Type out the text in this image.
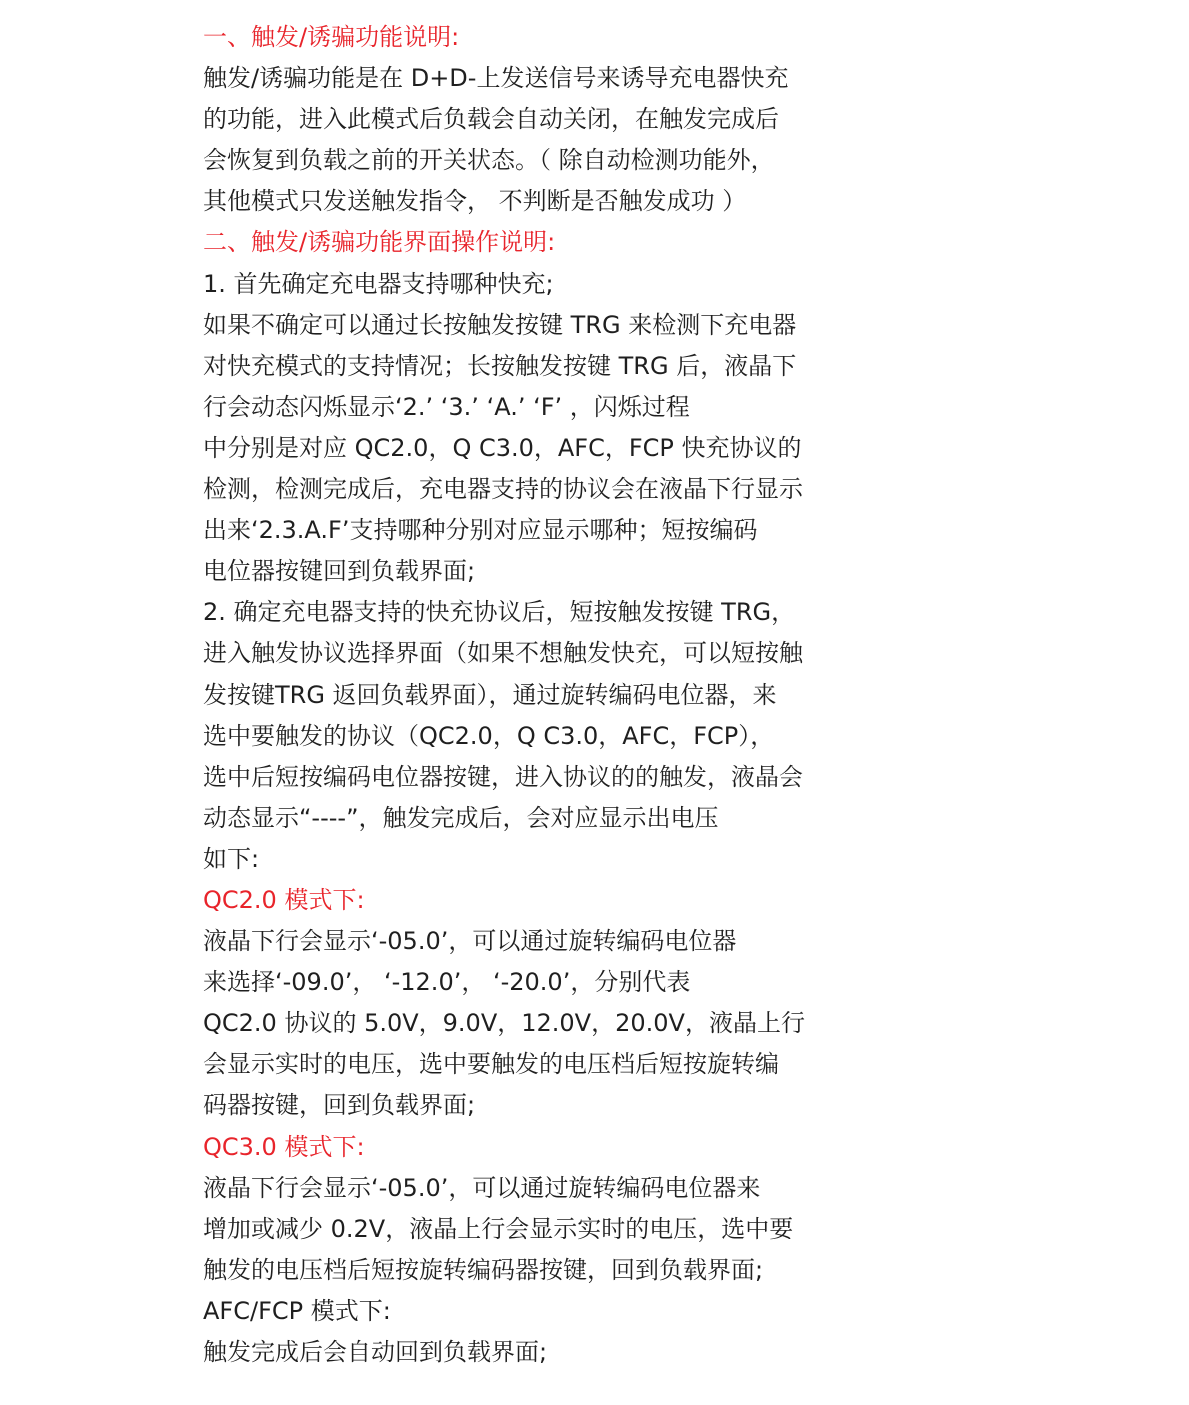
一、触发/诱骗功能说明:
触发/诱骗功能是在 D+D-上发送信号来诱导充电器快充
的功能，进入此模式后负载会自动关闭，在触发完成后
会恢复到负载之前的开关状态。（ 除自动检测功能外，
其他模式只发送触发指令， 不判断是否触发成功 ）
二、触发/诱骗功能界面操作说明:
1. 首先确定充电器支持哪种快充;
如果不确定可以通过长按触发按键 TRG 来检测下充电器
对快充模式的支持情况；长按触发按键 TRG 后，液晶下
行会动态闪烁显示‘2.’ ‘3.’ ‘A.’ ‘F’ ，闪烁过程
中分别是对应 QC2.0，Q C3.0，AFC，FCP 快充协议的
检测，检测完成后，充电器支持的协议会在液晶下行显示
出来‘2.3.A.F’支持哪种分别对应显示哪种；短按编码
电位器按键回到负载界面;
2. 确定充电器支持的快充协议后，短按触发按键 TRG，
进入触发协议选择界面（如果不想触发快充，可以短按触
发按键TRG 返回负载界面），通过旋转编码电位器，来
选中要触发的协议（QC2.0，Q C3.0，AFC，FCP），
选中后短按编码电位器按键，进入协议的的触发，液晶会
动态显示“----”，触发完成后，会对应显示出电压
如下:
QC2.0 模式下:
液晶下行会显示‘-05.0’，可以通过旋转编码电位器
来选择‘-09.0’， ‘-12.0’， ‘-20.0’，分别代表
QC2.0 协议的 5.0V，9.0V，12.0V，20.0V，液晶上行
会显示实时的电压，选中要触发的电压档后短按旋转编
码器按键，回到负载界面;
QC3.0 模式下:
液晶下行会显示‘-05.0’，可以通过旋转编码电位器来
增加或减少 0.2V，液晶上行会显示实时的电压，选中要
触发的电压档后短按旋转编码器按键，回到负载界面;
AFC/FCP 模式下:
触发完成后会自动回到负载界面;
